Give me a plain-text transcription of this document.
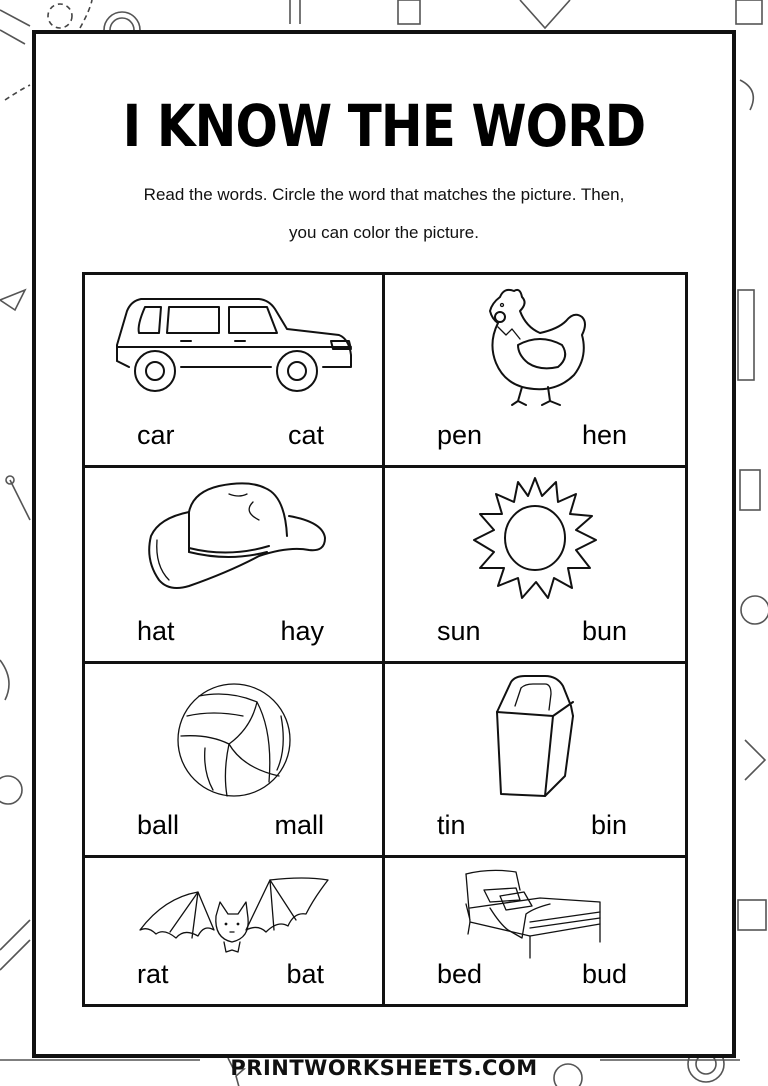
I KNOW THE WORD
Read the words. Circle the word that matches the picture. Then,
you can color the picture.
car	cat	pen	hen
hat	hay	sun	bun
ball	mall	tin	bin
rat	bat	bed	bud
PRINTWORKSHEETS.COM
